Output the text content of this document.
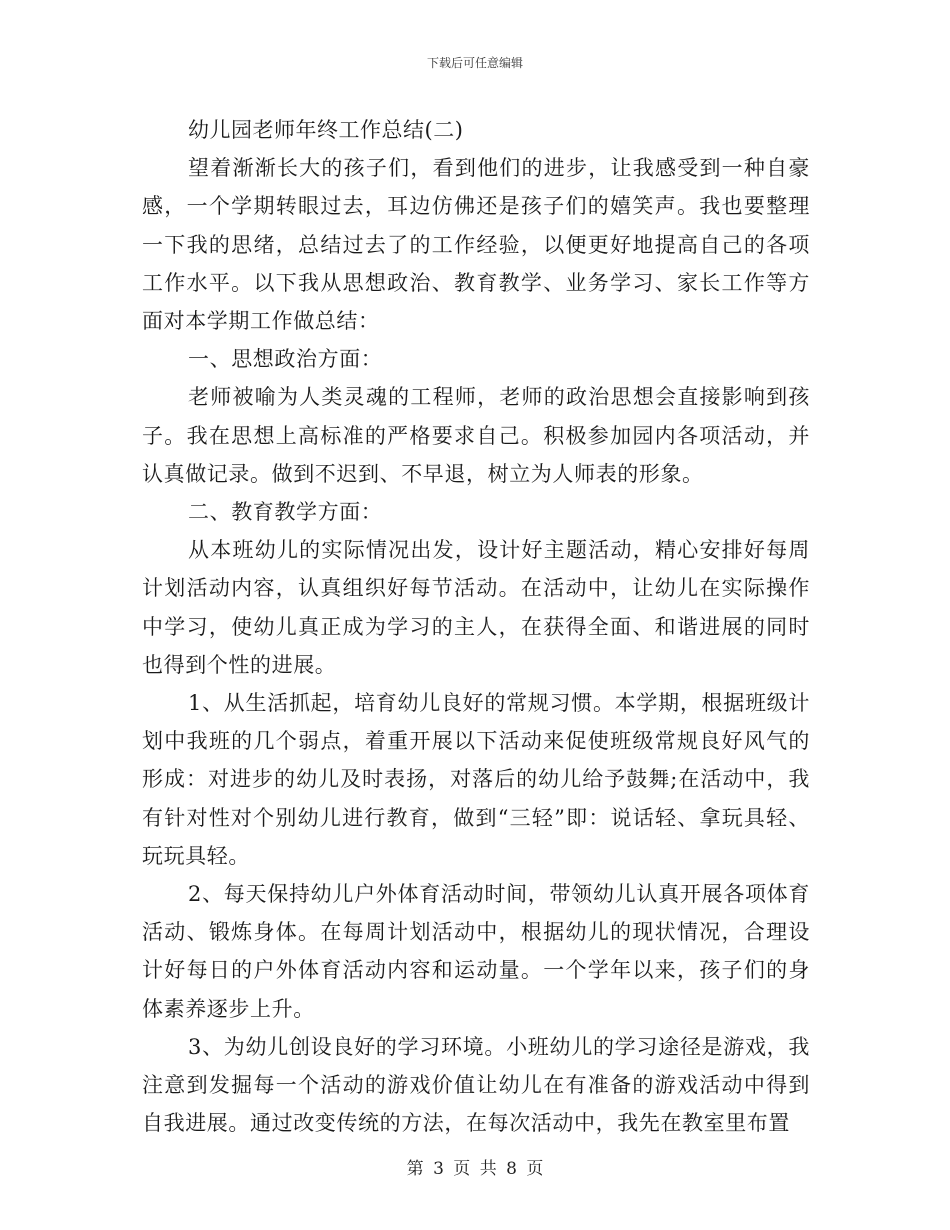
下载后可任意编辑
幼儿园老师年终工作总结(二)

望着渐渐长大的孩子们，看到他们的进步，让我感受到一种自豪感，一个学期转眼过去，耳边仿佛还是孩子们的嬉笑声。我也要整理一下我的思绪，总结过去了的工作经验，以便更好地提高自己的各项工作水平。以下我从思想政治、教育教学、业务学习、家长工作等方面对本学期工作做总结：

一、思想政治方面：

老师被喻为人类灵魂的工程师，老师的政治思想会直接影响到孩子。我在思想上高标准的严格要求自己。积极参加园内各项活动，并认真做记录。做到不迟到、不早退，树立为人师表的形象。

二、教育教学方面：

从本班幼儿的实际情况出发，设计好主题活动，精心安排好每周计划活动内容，认真组织好每节活动。在活动中，让幼儿在实际操作中学习，使幼儿真正成为学习的主人，在获得全面、和谐进展的同时也得到个性的进展。

1、从生活抓起，培育幼儿良好的常规习惯。本学期，根据班级计划中我班的几个弱点，着重开展以下活动来促使班级常规良好风气的形成：对进步的幼儿及时表扬，对落后的幼儿给予鼓舞;在活动中，我有针对性对个别幼儿进行教育，做到“三轻”即：说话轻、拿玩具轻、玩玩具轻。

2、每天保持幼儿户外体育活动时间，带领幼儿认真开展各项体育活动、锻炼身体。在每周计划活动中，根据幼儿的现状情况，合理设计好每日的户外体育活动内容和运动量。一个学年以来，孩子们的身体素养逐步上升。

3、为幼儿创设良好的学习环境。小班幼儿的学习途径是游戏，我注意到发掘每一个活动的游戏价值让幼儿在有准备的游戏活动中得到自我进展。通过改变传统的方法，在每次活动中，我先在教室里布置

第 3 页 共 8 页
